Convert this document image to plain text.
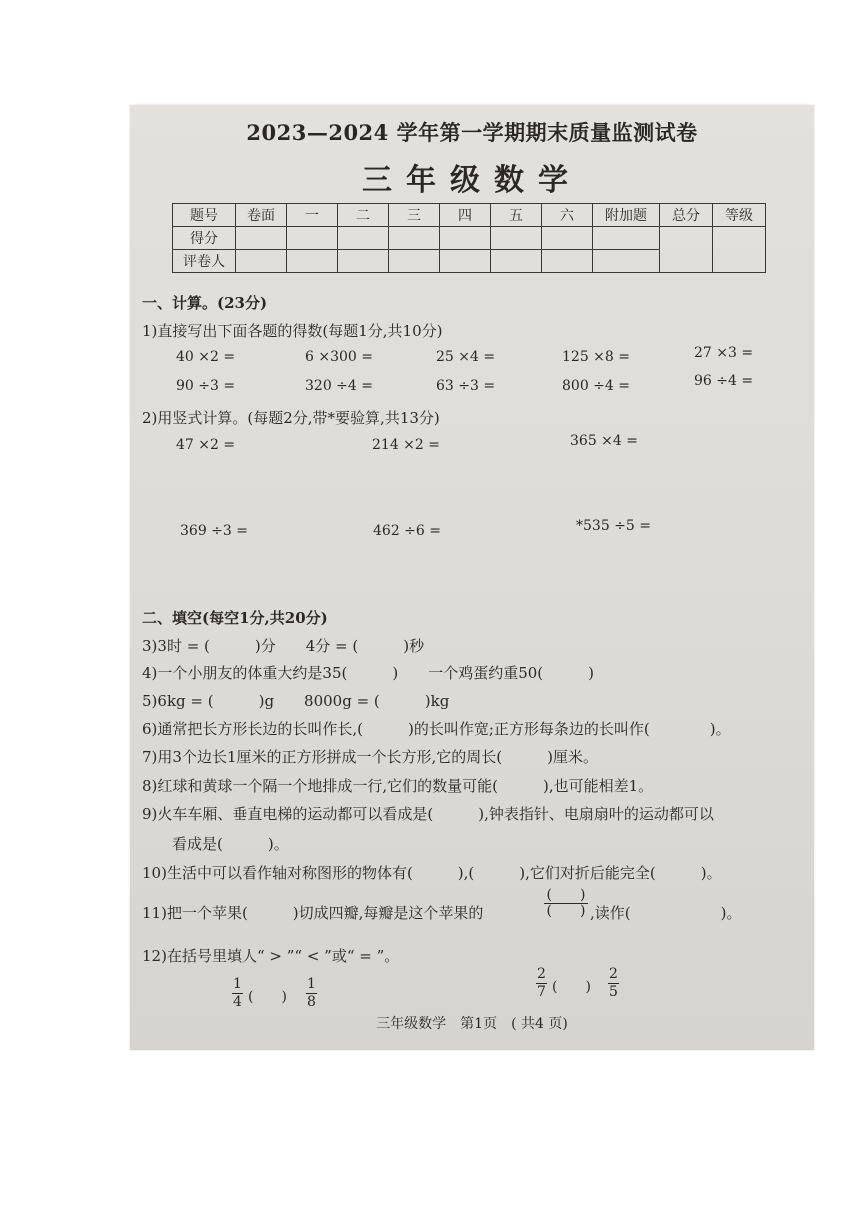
2023—2024 学年第一学期期末质量监测试卷
三年级数学
题号	卷面	一	二	三	四	五	六	附加题	总分	等级
得分										
评卷人										
一、计算。(23分)
1)直接写出下面各题的得数(每题1分,共10分)
40 ×2 =	6 ×300 =	25 ×4 =	125 ×8 =	27 ×3 =
90 ÷3 =	320 ÷4 =	63 ÷3 =	800 ÷4 =	96 ÷4 =
2)用竖式计算。(每题2分,带*要验算,共13分)
47 ×2 =	214 ×2 =	365 ×4 =
369 ÷3 =	462 ÷6 =	*535 ÷5 =
二、填空(每空1分,共20分)
3)3时 = (　　　)分　　4分 = (　　　)秒
4)一个小朋友的体重大约是35(　　　)　　一个鸡蛋约重50(　　　)
5)6kg = (　　　)g　　8000g = (　　　)kg
6)通常把长方形长边的长叫作长,(　　　)的长叫作宽;正方形每条边的长叫作(　　　　)。
7)用3个边长1厘米的正方形拼成一个长方形,它的周长(　　　)厘米。
8)红球和黄球一个隔一个地排成一行,它们的数量可能(　　　),也可能相差1。
9)火车车厢、垂直电梯的运动都可以看成是(　　　),钟表指针、电扇扇叶的运动都可以
看成是(　　　)。
10)生活中可以看作轴对称图形的物体有(　　　),(　　　),它们对折后能完全(　　　)。
11)把一个苹果(　　　)切成四瓣,每瓣是这个苹果的
(　　)
(　　) ,读作(　　　　　　)。
12)在括号里填人“ > ”“ < ”或“ = ”。
1
4 (　　)
1
8
2
7 (　　)
2
5
三年级数学　第1页　( 共4 页)
